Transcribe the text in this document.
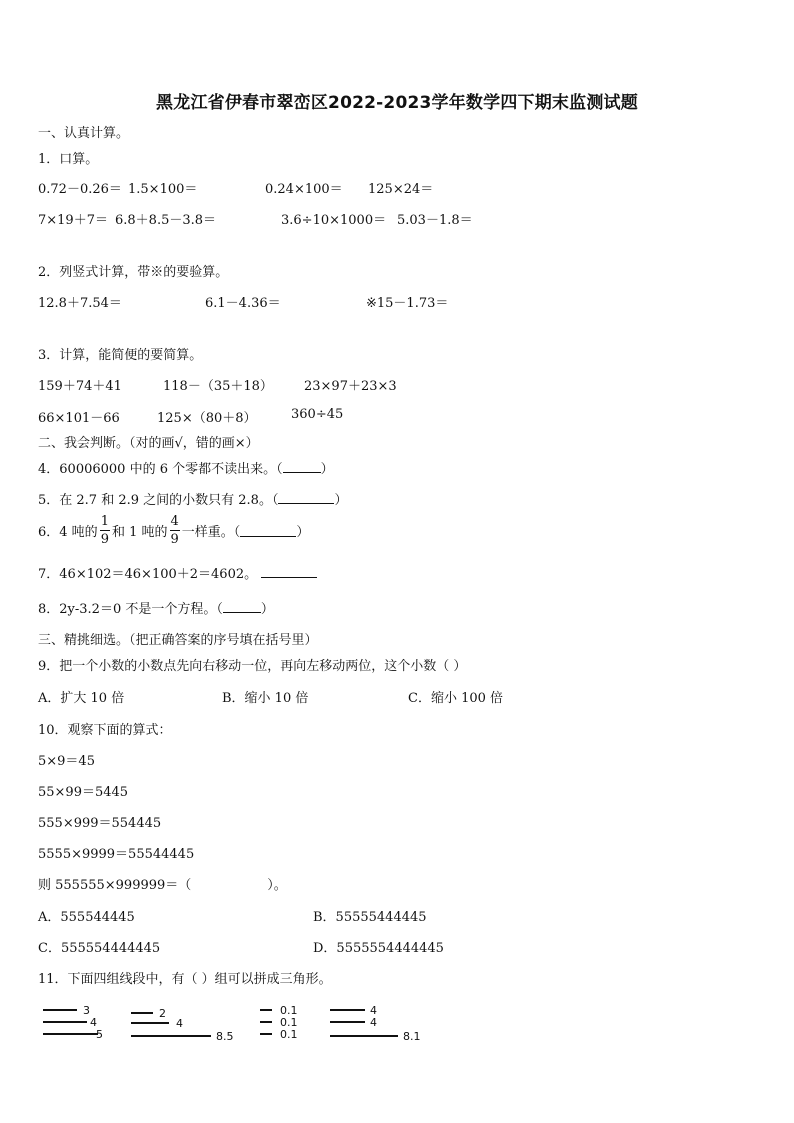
黑龙江省伊春市翠峦区2022-2023学年数学四下期末监测试题
一、认真计算。
1．口算。
0.72－0.26＝ 1.5×100＝	0.24×100＝ 125×24＝
7×19＋7＝ 6.8＋8.5－3.8＝	3.6÷10×1000＝ 5.03－1.8＝
2．列竖式计算，带※的要验算。
12.8＋7.54＝	6.1－4.36＝	※15－1.73＝
3．计算，能简便的要简算。
159＋74＋41	118－（35＋18） 23×97＋23×3
66×101－66	125×（80＋8）	360÷45
二、我会判断。（对的画√，错的画×）
4．60006000 中的 6 个零都不读出来。（	）
5．在 2.7 和 2.9 之间的小数只有 2.8。（	）
6．4 吨的 $\frac{1}{9}$ 和 1 吨的 $\frac{4}{9}$ 一样重。（	）
7．46×102＝46×100＋2＝4602。
8．2y-3.2＝0 不是一个方程。（	）
三、精挑细选。（把正确答案的序号填在括号里）
9．把一个小数的小数点先向右移动一位，再向左移动两位，这个小数（ ）
A．扩大 10 倍	B．缩小 10 倍	C．缩小 100 倍
10．观察下面的算式：
5×9＝45
55×99＝5445
555×999＝554445
5555×9999＝55544445
则 555555×999999＝（	）。
A．555544445	B．55555444445
C．555554444445	D．5555554444445
11．下面四组线段中，有（ ）组可以拼成三角形。
3
4
5
2
4
8.5
0.1
0.1
0.1
4
4
8.1
